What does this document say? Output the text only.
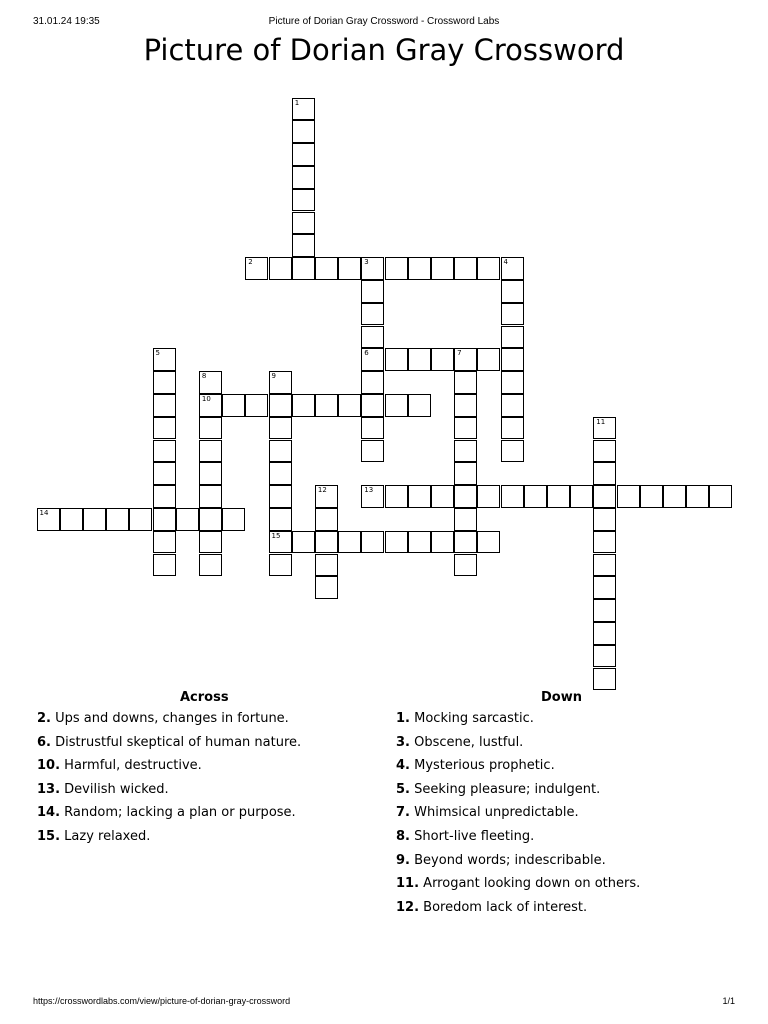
31.01.24 19:35	Picture of Dorian Gray Crossword - Crossword Labs
Picture of Dorian Gray Crossword
1
2	3	4
6
5	7
8
10
9
15
11
12	13
14
Across
2. Ups and downs, changes in fortune.
6. Distrustful skeptical of human nature.
10. Harmful, destructive.
13. Devilish wicked.
14. Random; lacking a plan or purpose.
15. Lazy relaxed.
Down
1. Mocking sarcastic.
3. Obscene, lustful.
4. Mysterious prophetic.
5. Seeking pleasure; indulgent.
7. Whimsical unpredictable.
8. Short-live fleeting.
9. Beyond words; indescribable.
11. Arrogant looking down on others.
12. Boredom lack of interest.
https://crosswordlabs.com/view/picture-of-dorian-gray-crossword	1/1
